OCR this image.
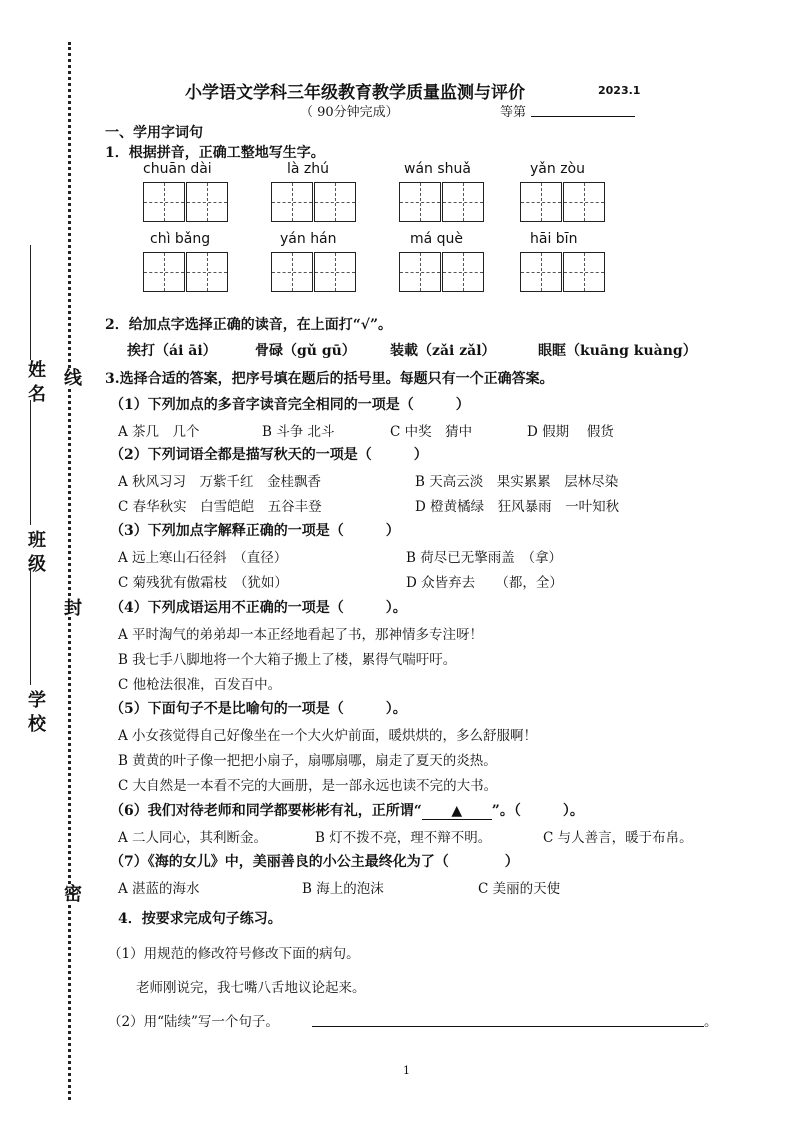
姓 名
班 级
学 校
线
封
密
小学语文学科三年级教育教学质量监测与评价	2023.1
（ 90分钟完成）	等第
一、学用字词句
1．根据拼音，正确工整地写生字。
chuān dài	là zhú	wán shuǎ	yǎn zòu
chì bǎng	yán hán	má què	hāi bīn
2．给加点字选择正确的读音，在上面打“√”。
挨打（ái āi）	骨碌（gǔ gū） 装載（zǎi zǎl）	眼眶（kuāng kuàng）
3.选择合适的答案，把序号填在题后的括号里。每题只有一个正确答案。
（1）下列加点的多音字读音完全相同的一项是（　　　）
A 茶几　几个	B 斗争 北斗	C 中奖　猜中	D 假期　 假货
（2）下列词语全都是描写秋天的一项是（　　　）
A 秋风习习　万紫千红　金桂飘香	B 天高云淡　果实累累　层林尽染
C 春华秋实　白雪皑皑　五谷丰登	D 橙黄橘绿　狂风暴雨　一叶知秋
（3）下列加点字解释正确的一项是（　　　）
A 远上寒山石径斜　（直径）	B 荷尽已无擎雨盖　（拿）
C 菊残犹有傲霜枝　（犹如）	D 众皆弃去　　（都，全）
（4）下列成语运用不正确的一项是（　　　）。
A 平时淘气的弟弟却一本正经地看起了书，那神情多专注呀！
B 我七手八脚地将一个大箱子搬上了楼，累得气喘吁吁。
C 他枪法很准，百发百中。
（5）下面句子不是比喻句的一项是（　　　）。
A 小女孩觉得自己好像坐在一个大火炉前面，暖烘烘的，多么舒服啊！
B 黄黄的叶子像一把把小扇子，扇哪扇哪，扇走了夏天的炎热。
C 大自然是一本看不完的大画册，是一部永远也读不完的大书。
（6）我们对待老师和同学都要彬彬有礼，正所谓“ ▲ ”。（　　　）。
A 二人同心，其利断金。	B 灯不拨不亮，理不辩不明。	C 与人善言，暖于布帛。
（7）《海的女儿》中，美丽善良的小公主最终化为了（　　　　）
A 湛蓝的海水	B 海上的泡沫	C 美丽的天使
4．按要求完成句子练习。
（1）用规范的修改符号修改下面的病句。
老师刚说完，我七嘴八舌地议论起来。
（2）用“陆续”写一个句子。	。
1
